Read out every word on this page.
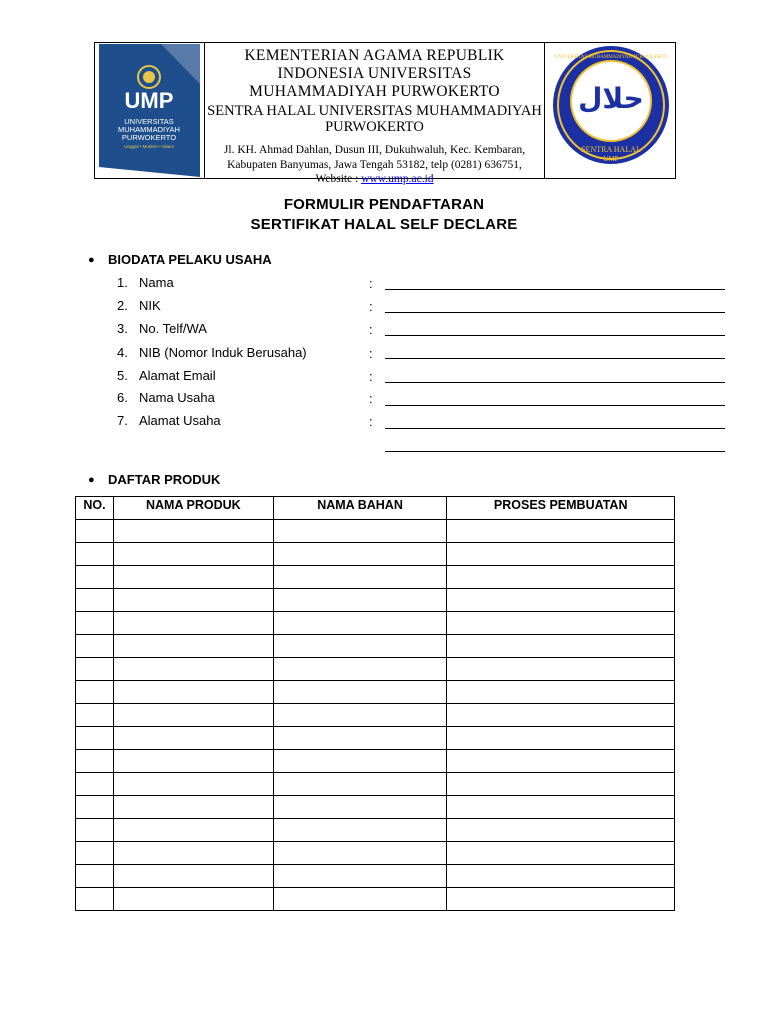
UMP
UNIVERSITAS
MUHAMMADIYAH
PURWOKERTO
Unggul • Modern • Islami
KEMENTERIAN AGAMA REPUBLIK
INDONESIA UNIVERSITAS
MUHAMMADIYAH PURWOKERTO
SENTRA HALAL UNIVERSITAS MUHAMMADIYAH
PURWOKERTO
Jl. KH. Ahmad Dahlan, Dusun III, Dukuhwaluh, Kec. Kembaran,
Kabupaten Banyumas, Jawa Tengah 53182, telp (0281) 636751,
Website : www.ump.ac.id
حلال
UNIVERSITAS MUHAMMADIYAH PURWOKERTO
SENTRA HALAL
UMP
FORMULIR PENDAFTARAN
SERTIFIKAT HALAL SELF DECLARE
● BIODATA PELAKU USAHA
1. Nama	:
2. NIK	:
3. No. Telf/WA	:
4. NIB (Nomor Induk Berusaha)	:
5. Alamat Email	:
6. Nama Usaha	:
7. Alamat Usaha	:
● DAFTAR PRODUK
NO.	NAMA PRODUK	NAMA BAHAN	PROSES PEMBUATAN
